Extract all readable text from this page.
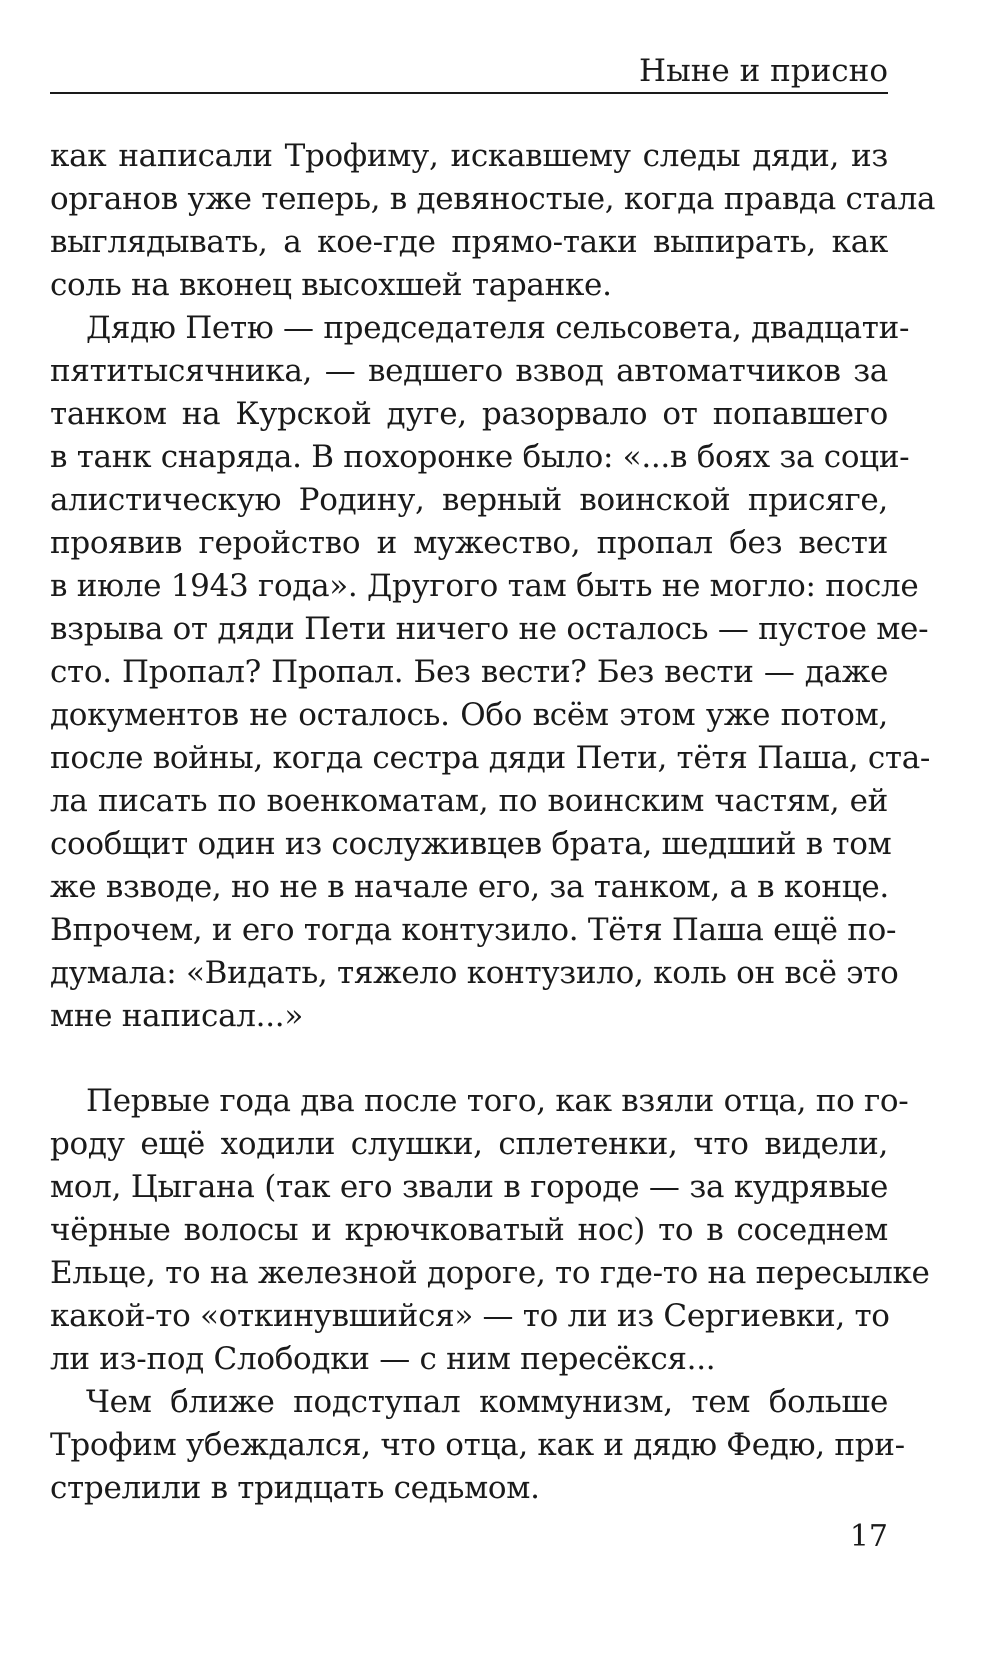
Ныне и присно
как написали Трофиму, искавшему следы дяди, из
органов уже теперь, в девяностые, когда правда стала
выглядывать, а кое-где прямо-таки выпирать, как
соль на вконец высохшей таранке.
Дядю Петю — председателя сельсовета, двадцати-
пятитысячника, — ведшего взвод автоматчиков за
танком на Курской дуге, разорвало от попавшего
в танк снаряда. В похоронке было: «...в боях за соци-
алистическую Родину, верный воинской присяге,
проявив геройство и мужество, пропал без вести
в июле 1943 года». Другого там быть не могло: после
взрыва от дяди Пети ничего не осталось — пустое ме-
сто. Пропал? Пропал. Без вести? Без вести — даже
документов не осталось. Обо всём этом уже потом,
после войны, когда сестра дяди Пети, тётя Паша, ста-
ла писать по военкоматам, по воинским частям, ей
сообщит один из сослуживцев брата, шедший в том
же взводе, но не в начале его, за танком, а в конце.
Впрочем, и его тогда контузило. Тётя Паша ещё по-
думала: «Видать, тяжело контузило, коль он всё это
мне написал...»
Первые года два после того, как взяли отца, по го-
роду ещё ходили слушки, сплетенки, что видели,
мол, Цыгана (так его звали в городе — за кудрявые
чёрные волосы и крючковатый нос) то в соседнем
Ельце, то на железной дороге, то где-то на пересылке
какой-то «откинувшийся» — то ли из Сергиевки, то
ли из-под Слободки — с ним пересёкся...
Чем ближе подступал коммунизм, тем больше
Трофим убеждался, что отца, как и дядю Федю, при-
стрелили в тридцать седьмом.
17
